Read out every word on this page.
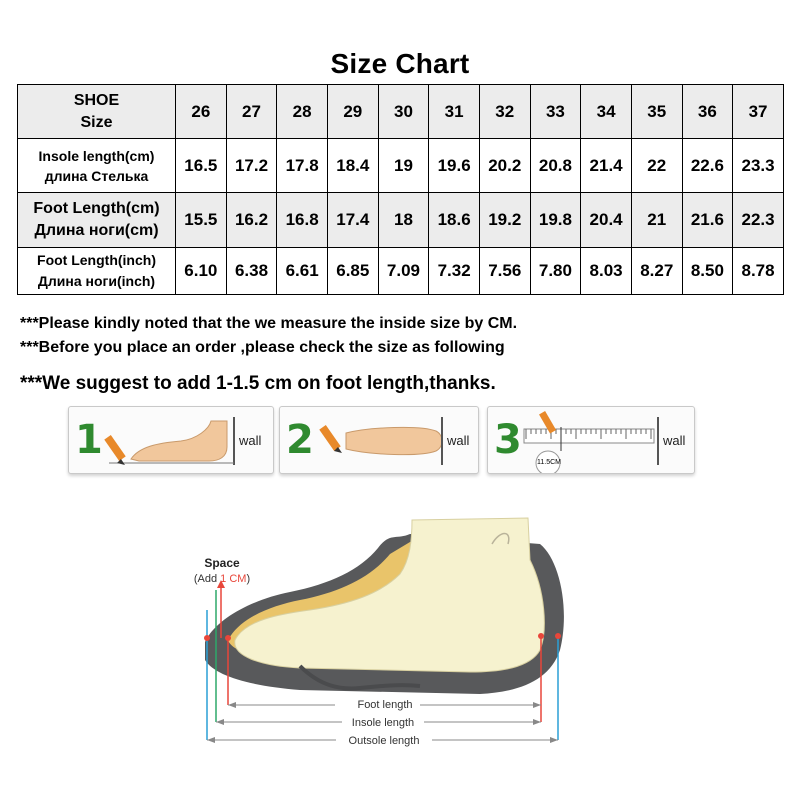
Size Chart
SHOE
Size	26	27	28	29	30	31	32	33	34	35	36	37
Insole length(cm)
длина Стелька	16.5	17.2	17.8	18.4	19	19.6	20.2	20.8	21.4	22	22.6	23.3
Foot Length(cm)
Длина ноги(cm)	15.5	16.2	16.8	17.4	18	18.6	19.2	19.8	20.4	21	21.6	22.3
Foot Length(inch)
Длина ноги(inch)	6.10	6.38	6.61	6.85	7.09	7.32	7.56	7.80	8.03	8.27	8.50	8.78
***Please kindly noted that the we measure the inside size by CM.
***Before you place an order ,please check the size as following
***We suggest to add 1-1.5 cm on foot length,thanks.
1	wall 2	wall 3 11.5CM
wall
Foot length
Insole length
Outsole length
Space
(Add 1 CM)
